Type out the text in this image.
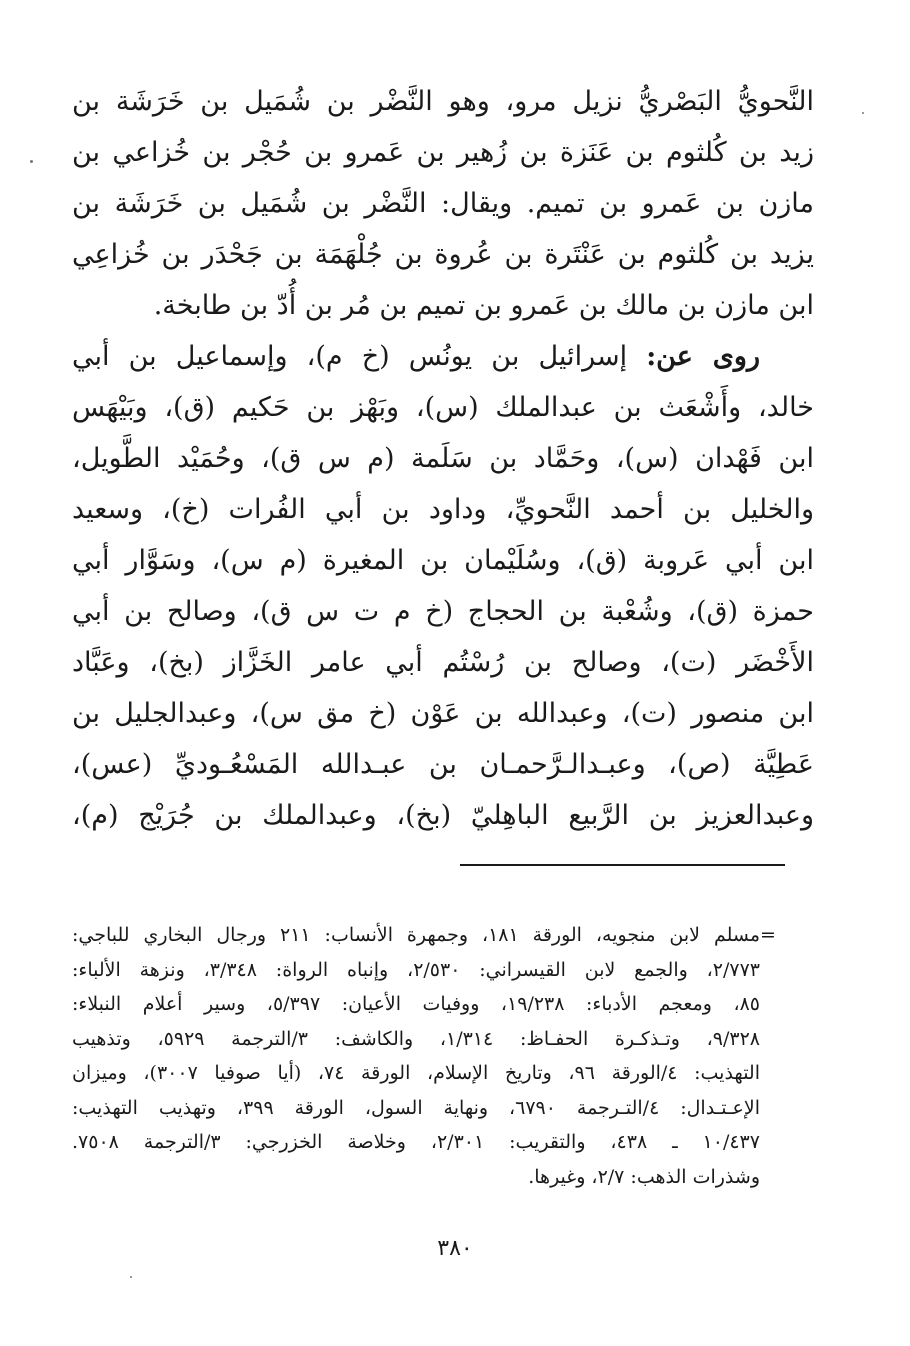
النَّحويُّ البَصْريُّ نزيل مرو، وهو النَّضْر بن شُمَيل بن خَرَشَة بن
زيد بن كُلثوم بن عَنَزة بن زُهير بن عَمرو بن حُجْر بن خُزاعي بن
مازن بن عَمرو بن تميم. ويقال: النَّضْر بن شُمَيل بن خَرَشَة بن
يزيد بن كُلثوم بن عَنْتَرة بن عُروة بن جُلْهَمَة بن جَحْدَر بن خُزاعِي
ابن مازن بن مالك بن عَمرو بن تميم بن مُر بن أُدّ بن طابخة.
روى عن: إسرائيل بن يونُس (خ م)، وإسماعيل بن أبي
خالد، وأَشْعَث بن عبدالملك (س)، وبَهْز بن حَكيم (ق)، وبَيْهَس
ابن فَهْدان (س)، وحَمَّاد بن سَلَمة (م س ق)، وحُمَيْد الطَّويل،
والخليل بن أحمد النَّحويِّ، وداود بن أبي الفُرات (خ)، وسعيد
ابن أبي عَروبة (ق)، وسُلَيْمان بن المغيرة (م س)، وسَوَّار أبي
حمزة (ق)، وشُعْبة بن الحجاج (خ م ت س ق)، وصالح بن أبي
الأَخْضَر (ت)، وصالح بن رُسْتُم أبي عامر الخَزَّاز (بخ)، وعَبَّاد
ابن منصور (ت)، وعبدالله بن عَوْن (خ مق س)، وعبدالجليل بن
عَطِيَّة (ص)، وعبـدالـرَّحمـان بن عبـدالله المَسْعُـوديِّ (عس)،
وعبدالعزيز بن الرَّبيع الباهِليّ (بخ)، وعبدالملك بن جُرَيْج (م)،
=
مسلم لابن منجويه، الورقة ١٨١، وجمهرة الأنساب: ٢١١ ورجال البخاري للباجي:
٢/٧٧٣، والجمع لابن القيسراني: ٢/٥٣٠، وإنباه الرواة: ٣/٣٤٨، ونزهة الألباء:
٨٥، ومعجم الأدباء: ١٩/٢٣٨، ووفيات الأعيان: ٥/٣٩٧، وسير أعلام النبلاء:
٩/٣٢٨، وتـذكـرة الحفـاظ: ١/٣١٤، والكاشف: ٣/الترجمة ٥٩٢٩، وتذهيب
التهذيب: ٤/الورقة ٩٦، وتاريخ الإسلام، الورقة ٧٤، (أيا صوفيا ٣٠٠٧)، وميزان
الإعـتـدال: ٤/التـرجمة ٦٧٩٠، ونهاية السول، الورقة ٣٩٩، وتهذيب التهذيب:
١٠/٤٣٧ ـ ٤٣٨، والتقريب: ٢/٣٠١، وخلاصة الخزرجي: ٣/الترجمة ٧٥٠٨.
وشذرات الذهب: ٢/٧، وغيرها.
٣٨٠
